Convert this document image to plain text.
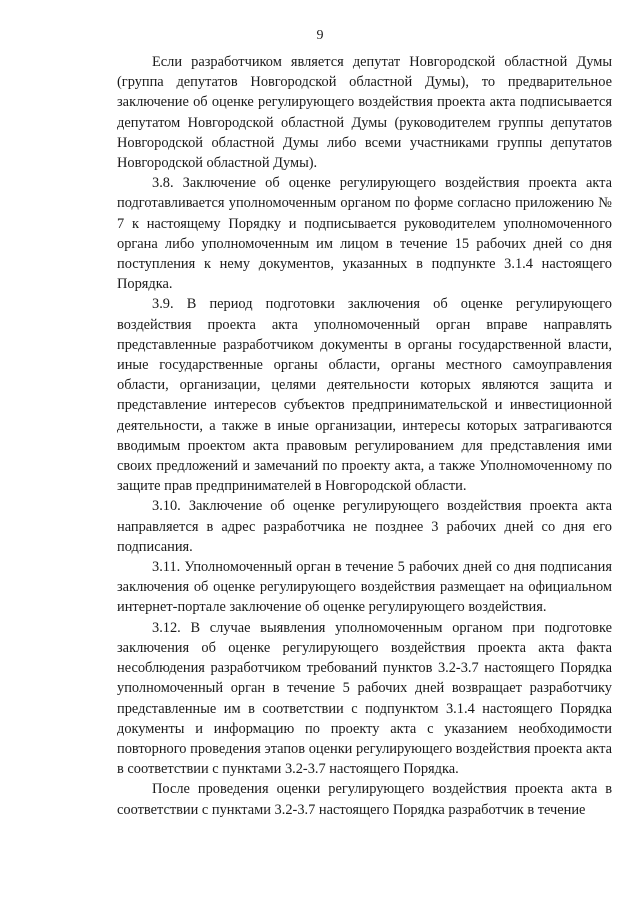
9

Если разработчиком является депутат Новгородской областной Думы (группа депутатов Новгородской областной Думы), то предварительное заключение об оценке регулирующего воздействия проекта акта подписывается депутатом Новгородской областной Думы (руководителем группы депутатов Новгородской областной Думы либо всеми участниками группы депутатов Новгородской областной Думы).

3.8. Заключение об оценке регулирующего воздействия проекта акта подготавливается уполномоченным органом по форме согласно приложению № 7 к настоящему Порядку и подписывается руководителем уполномоченного органа либо уполномоченным им лицом в течение 15 рабочих дней со дня поступления к нему документов, указанных в подпункте 3.1.4 настоящего Порядка.

3.9. В период подготовки заключения об оценке регулирующего воздействия проекта акта уполномоченный орган вправе направлять представленные разработчиком документы в органы государственной власти, иные государственные органы области, органы местного самоуправления области, организации, целями деятельности которых являются защита и представление интересов субъектов предпринимательской и инвестиционной деятельности, а также в иные организации, интересы которых затрагиваются вводимым проектом акта правовым регулированием для представления ими своих предложений и замечаний по проекту акта, а также Уполномоченному по защите прав предпринимателей в Новгородской области.

3.10. Заключение об оценке регулирующего воздействия проекта акта направляется в адрес разработчика не позднее 3 рабочих дней со дня его подписания.

3.11. Уполномоченный орган в течение 5 рабочих дней со дня подписания заключения об оценке регулирующего воздействия размещает на официальном интернет-портале заключение об оценке регулирующего воздействия.

3.12. В случае выявления уполномоченным органом при подготовке заключения об оценке регулирующего воздействия проекта акта факта несоблюдения разработчиком требований пунктов 3.2-3.7 настоящего Порядка уполномоченный орган в течение 5 рабочих дней возвращает разработчику представленные им в соответствии с подпунктом 3.1.4 настоящего Порядка документы и информацию по проекту акта с указанием необходимости повторного проведения этапов оценки регулирующего воздействия проекта акта в соответствии с пунктами 3.2-3.7 настоящего Порядка.

После проведения оценки регулирующего воздействия проекта акта в соответствии с пунктами 3.2-3.7 настоящего Порядка разработчик в течение
